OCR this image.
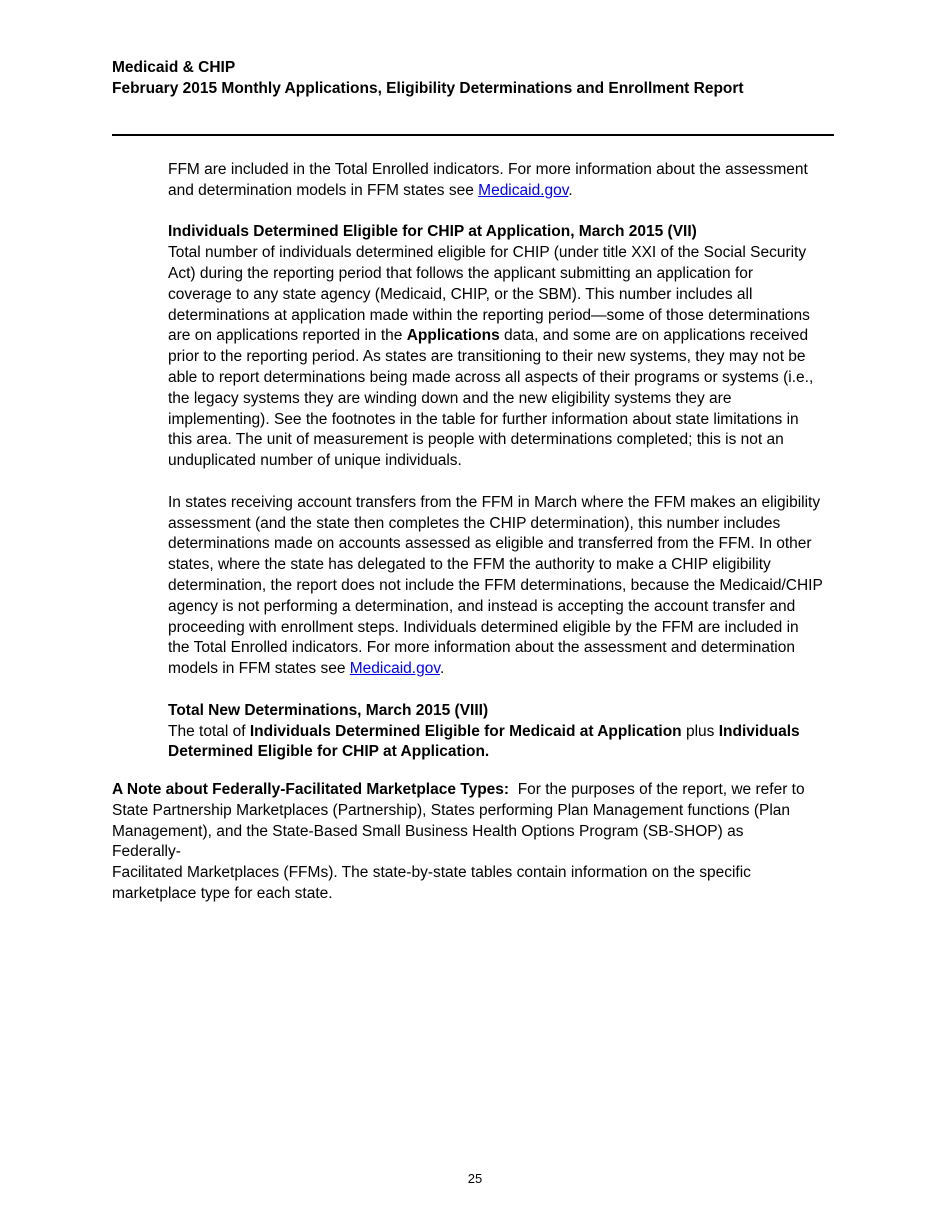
Medicaid & CHIP
February 2015 Monthly Applications, Eligibility Determinations and Enrollment Report

FFM are included in the Total Enrolled indicators. For more information about the assessment
and determination models in FFM states see Medicaid.gov.

Individuals Determined Eligible for CHIP at Application, March 2015 (VII)

Total number of individuals determined eligible for CHIP (under title XXI of the Social Security
Act) during the reporting period that follows the applicant submitting an application for
coverage to any state agency (Medicaid, CHIP, or the SBM). This number includes all
determinations at application made within the reporting period—some of those determinations
are on applications reported in the Applications data, and some are on applications received
prior to the reporting period. As states are transitioning to their new systems, they may not be
able to report determinations being made across all aspects of their programs or systems (i.e.,
the legacy systems they are winding down and the new eligibility systems they are
implementing). See the footnotes in the table for further information about state limitations in
this area. The unit of measurement is people with determinations completed; this is not an
unduplicated number of unique individuals.

In states receiving account transfers from the FFM in March where the FFM makes an eligibility
assessment (and the state then completes the CHIP determination), this number includes
determinations made on accounts assessed as eligible and transferred from the FFM. In other
states, where the state has delegated to the FFM the authority to make a CHIP eligibility
determination, the report does not include the FFM determinations, because the Medicaid/CHIP
agency is not performing a determination, and instead is accepting the account transfer and
proceeding with enrollment steps. Individuals determined eligible by the FFM are included in
the Total Enrolled indicators. For more information about the assessment and determination
models in FFM states see Medicaid.gov.

Total New Determinations, March 2015 (VIII)

The total of Individuals Determined Eligible for Medicaid at Application plus Individuals
Determined Eligible for CHIP at Application.

A Note about Federally-Facilitated Marketplace Types:  For the purposes of the report, we refer to
State Partnership Marketplaces (Partnership), States performing Plan Management functions (Plan
Management), and the State-Based Small Business Health Options Program (SB-SHOP) as Federally-
Facilitated Marketplaces (FFMs). The state-by-state tables contain information on the specific
marketplace type for each state.

25
